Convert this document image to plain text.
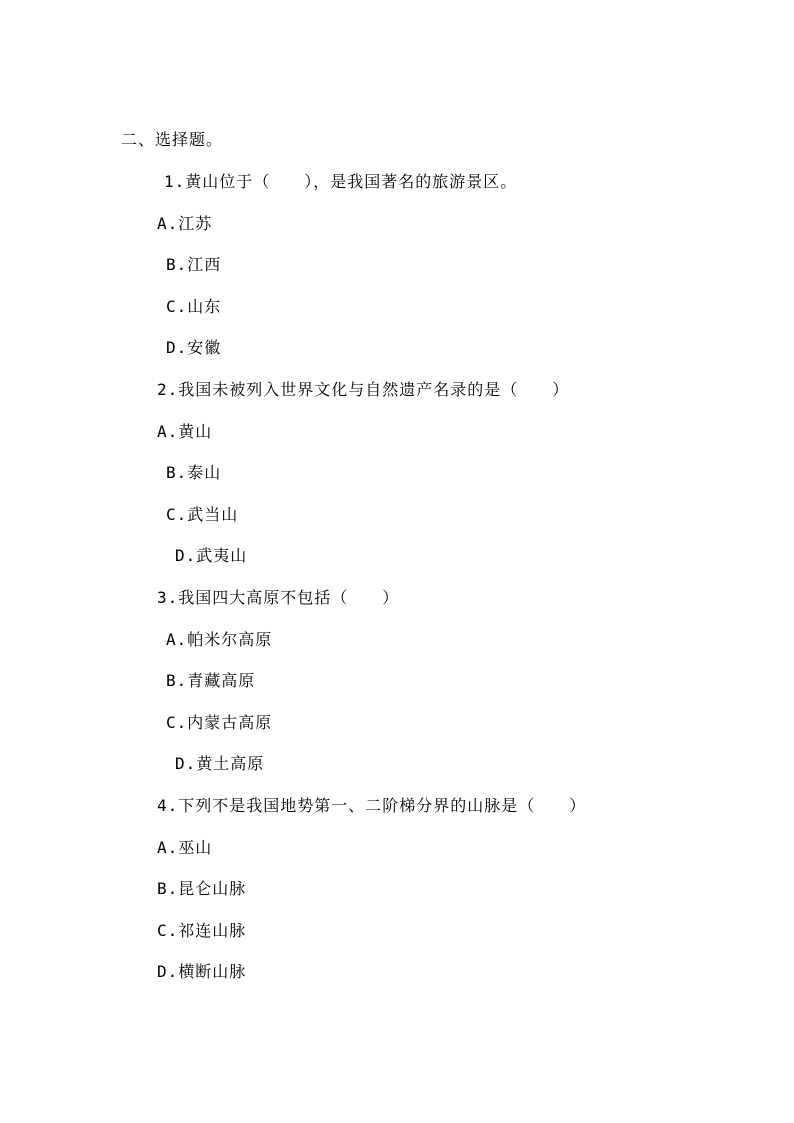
二、选择题。
1.黄山位于（　　），是我国著名的旅游景区。
A.江苏
B.江西
C.山东
D.安徽
2.我国未被列入世界文化与自然遗产名录的是（　　）
A.黄山
B.泰山
C.武当山
D.武夷山
3.我国四大高原不包括（　　）
A.帕米尔高原
B.青藏高原
C.内蒙古高原
D.黄土高原
4.下列不是我国地势第一、二阶梯分界的山脉是（　　）
A.巫山
B.昆仑山脉
C.祁连山脉
D.横断山脉
